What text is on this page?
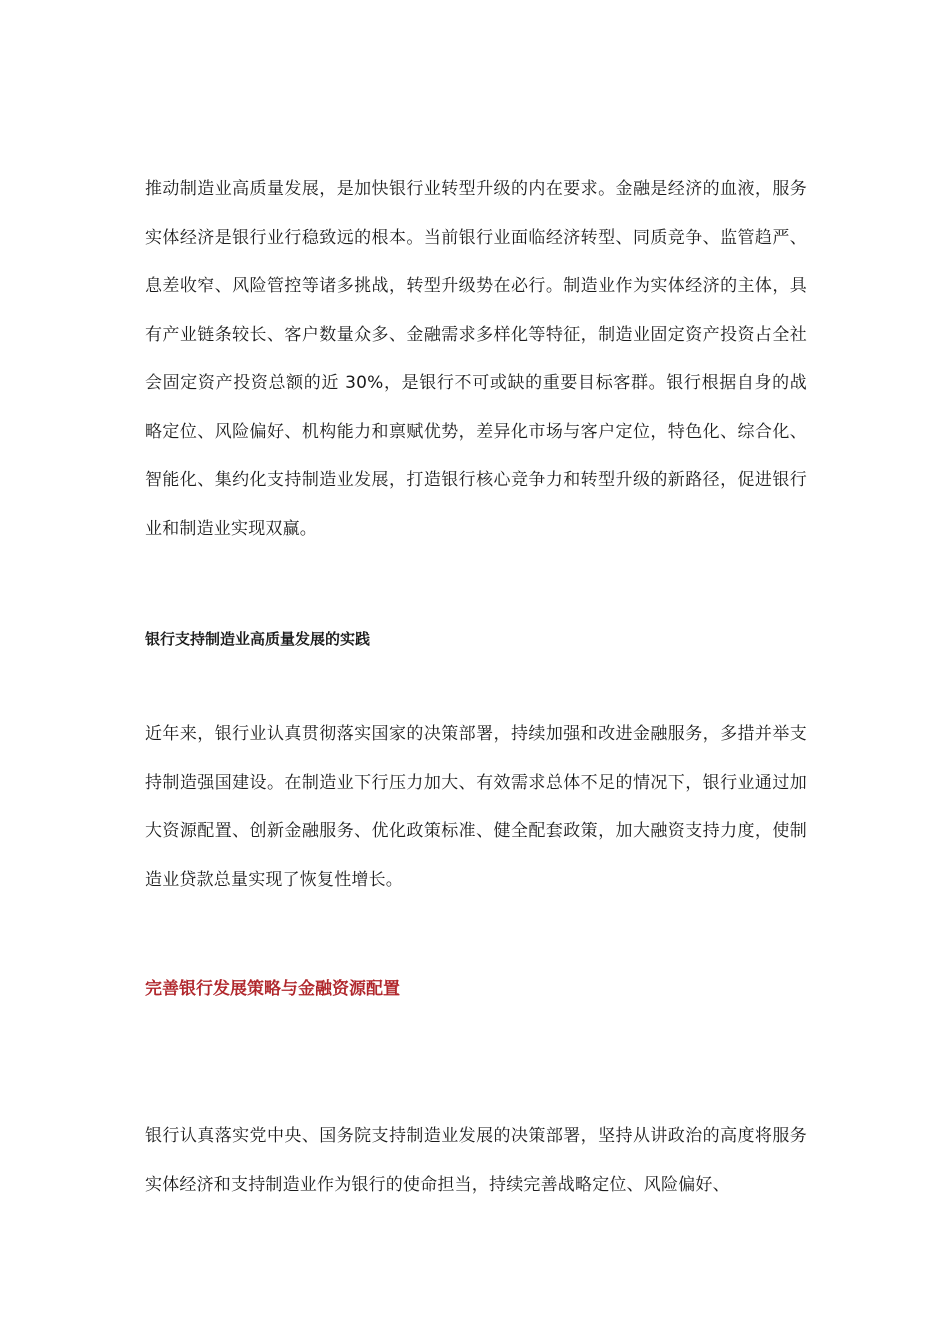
推动制造业高质量发展，是加快银行业转型升级的内在要求。金融是经济的血液，服务实体经济是银行业行稳致远的根本。当前银行业面临经济转型、同质竞争、监管趋严、息差收窄、风险管控等诸多挑战，转型升级势在必行。制造业作为实体经济的主体，具有产业链条较长、客户数量众多、金融需求多样化等特征，制造业固定资产投资占全社会固定资产投资总额的近 30%，是银行不可或缺的重要目标客群。银行根据自身的战略定位、风险偏好、机构能力和禀赋优势，差异化市场与客户定位，特色化、综合化、智能化、集约化支持制造业发展，打造银行核心竞争力和转型升级的新路径，促进银行业和制造业实现双赢。

银行支持制造业高质量发展的实践

近年来，银行业认真贯彻落实国家的决策部署，持续加强和改进金融服务，多措并举支持制造强国建设。在制造业下行压力加大、有效需求总体不足的情况下，银行业通过加大资源配置、创新金融服务、优化政策标准、健全配套政策，加大融资支持力度，使制造业贷款总量实现了恢复性增长。

完善银行发展策略与金融资源配置

银行认真落实党中央、国务院支持制造业发展的决策部署，坚持从讲政治的高度将服务实体经济和支持制造业作为银行的使命担当，持续完善战略定位、风险偏好、
